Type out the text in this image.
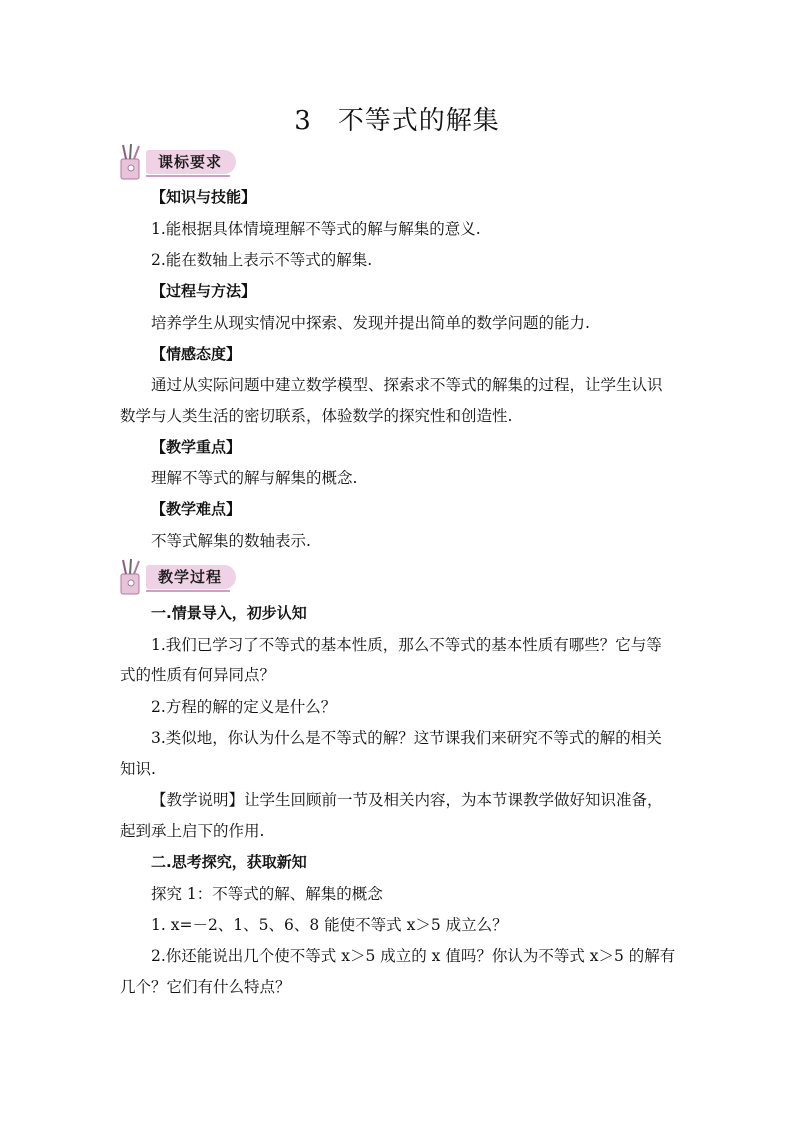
3 不等式的解集
课标要求
【知识与技能】
1.能根据具体情境理解不等式的解与解集的意义.
2.能在数轴上表示不等式的解集.
【过程与方法】
培养学生从现实情况中探索、发现并提出简单的数学问题的能力.
【情感态度】
通过从实际问题中建立数学模型、探索求不等式的解集的过程，让学生认识
数学与人类生活的密切联系，体验数学的探究性和创造性.
【教学重点】
理解不等式的解与解集的概念.
【教学难点】
不等式解集的数轴表示.
教学过程
一.情景导入，初步认知
1.我们已学习了不等式的基本性质，那么不等式的基本性质有哪些？它与等
式的性质有何异同点？
2.方程的解的定义是什么？
3.类似地，你认为什么是不等式的解？这节课我们来研究不等式的解的相关
知识.
【教学说明】让学生回顾前一节及相关内容，为本节课教学做好知识准备，
起到承上启下的作用.
二.思考探究，获取新知
探究 1：不等式的解、解集的概念
1. x=－2、1、5、6、8 能使不等式 x＞5 成立么？
2.你还能说出几个使不等式 x＞5 成立的 x 值吗？你认为不等式 x＞5 的解有
几个？它们有什么特点？
